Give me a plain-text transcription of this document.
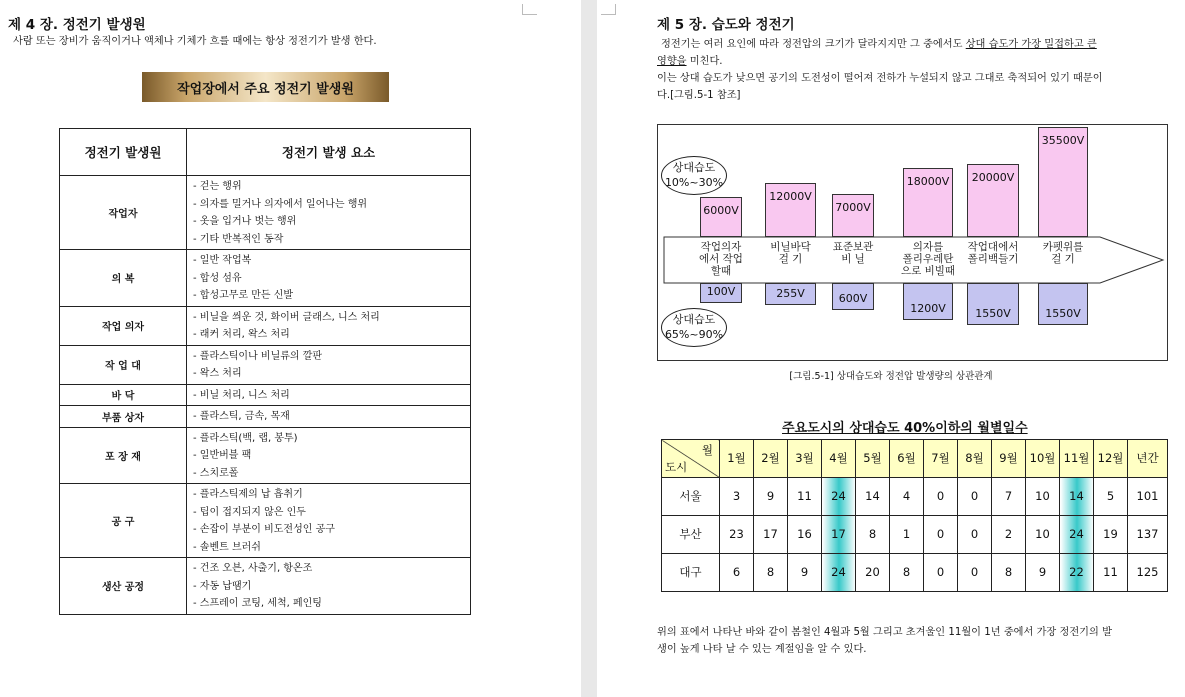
제 4 장. 정전기 발생원
사람 또는 장비가 움직이거나 액체나 기체가 흐를 때에는 항상 정전기가 발생 한다.
작업장에서 주요 정전기 발생원
정전기 발생원	정전기 발생 요소
작업자	- 걷는 행위
- 의자를 밀거나 의자에서 일어나는 행위
- 옷을 입거나 벗는 행위
- 기타 반복적인 동작

의 복	- 일반 작업복
- 합성 섬유
- 합성고무로 만든 신발

작업 의자	- 비닐을 씌운 것, 화이버 글래스, 니스 처리
- 래커 처리, 왁스 처리

작 업 대	- 플라스틱이나 비닐류의 깔판
- 왁스 처리

바 닥	- 비닐 처리, 니스 처리

부품 상자	- 플라스틱, 금속, 목재

포 장 재	- 플라스틱(백, 랩, 봉투)
- 일반버블 팩
- 스치로폴

공 구	- 플라스틱제의 납 흡취기
- 팁이 접지되지 않은 인두
- 손잡이 부분이 비도전성인 공구
- 솔벤트 브러쉬

생산 공정	- 건조 오븐, 사출기, 항온조
- 자동 납땜기
- 스프레이 코팅, 세척, 페인팅
제 5 장. 습도와 정전기
정전기는 여러 요인에 따라 정전압의 크기가 달라지지만 그 중에서도 상대 습도가 가장 밀접하고 큰
영향을 미친다.
이는 상대 습도가 낮으면 공기의 도전성이 떨어져 전하가 누설되지 않고 그대로 축적되어 있기 때문이
다.[그림.5-1 참조]
상대습도
10%~30%
상대습도
65%~90%
6000V
100V
작업의자
에서 작업
할때
12000V
255V
비닐바닥
걸 기
7000V
600V
표준보관
비 닐
18000V
1200V
의자를
폴리우레탄
으로 비빌때
20000V
1550V
작업대에서
폴리백들기
35500V
1550V
카펫위를
걸 기
[그림.5-1] 상대습도와 정전압 발생량의 상관관계
주요도시의 상대습도 40%이하의 월별일수
월
도시	1월	2월	3월	4월	5월	6월	7월	8월	9월	10월	11월	12월	년간
서울	3	9	11	24	14	4	0	0	7	10	14	5	101
부산	23	17	16	17	8	1	0	0	2	10	24	19	137
대구	6	8	9	24	20	8	0	0	8	9	22	11	125
위의 표에서 나타난 바와 같이 봄철인 4월과 5월 그리고 초겨울인 11월이 1년 중에서 가장 정전기의 발
생이 높게 나타 날 수 있는 계절임을 알 수 있다.
